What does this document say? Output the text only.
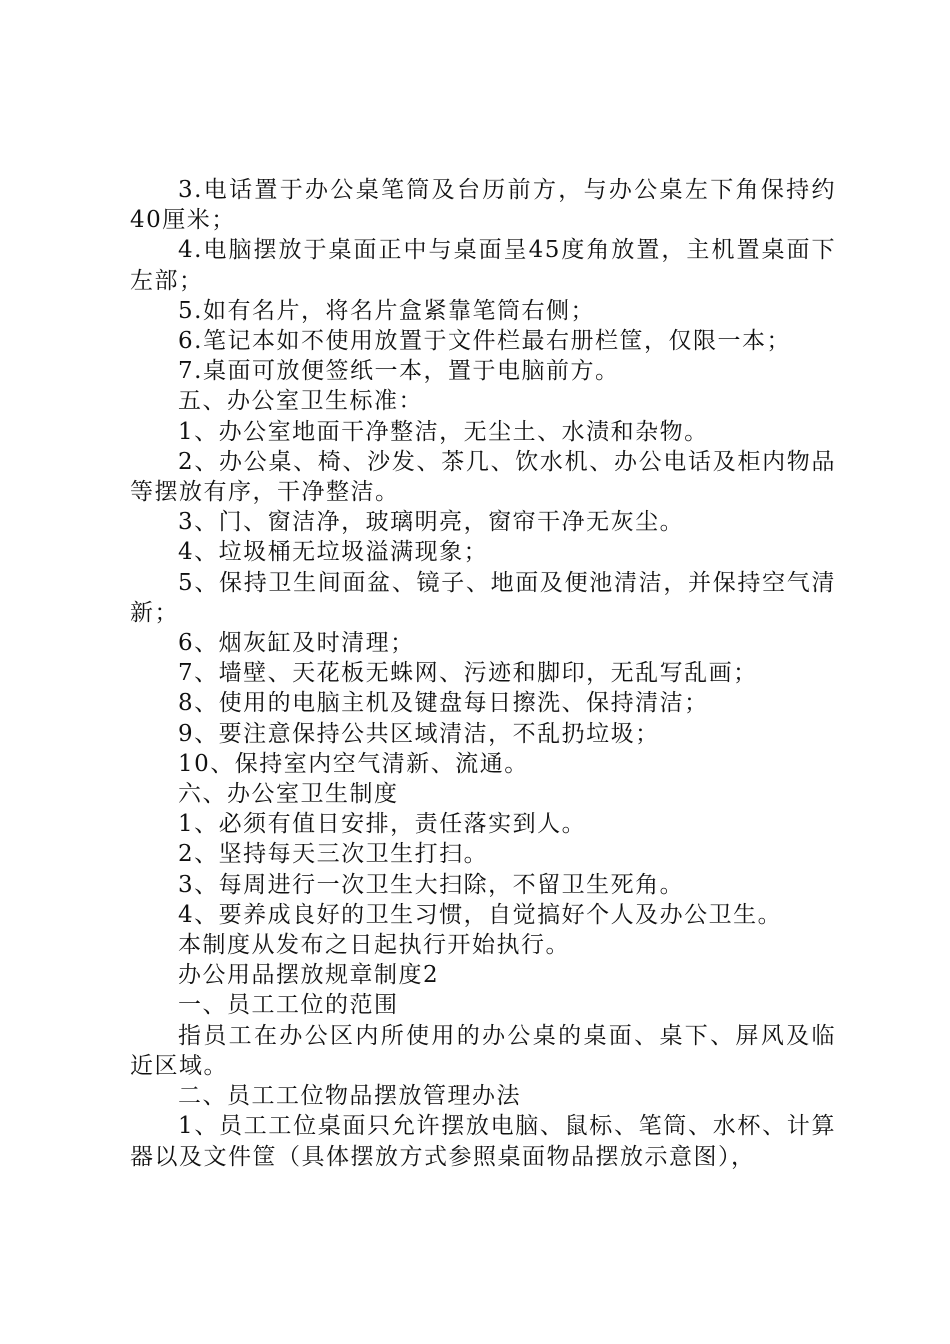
3.电话置于办公桌笔筒及台历前方，与办公桌左下角保持约40厘米；

4.电脑摆放于桌面正中与桌面呈45度角放置，主机置桌面下左部；

5.如有名片，将名片盒紧靠笔筒右侧；

6.笔记本如不使用放置于文件栏最右册栏筐，仅限一本；

7.桌面可放便签纸一本，置于电脑前方。

五、办公室卫生标准：

1、办公室地面干净整洁，无尘土、水渍和杂物。

2、办公桌、椅、沙发、茶几、饮水机、办公电话及柜内物品等摆放有序，干净整洁。

3、门、窗洁净，玻璃明亮，窗帘干净无灰尘。

4、垃圾桶无垃圾溢满现象；

5、保持卫生间面盆、镜子、地面及便池清洁，并保持空气清新；

6、烟灰缸及时清理；

7、墙壁、天花板无蛛网、污迹和脚印，无乱写乱画；

8、使用的电脑主机及键盘每日擦洗、保持清洁；

9、要注意保持公共区域清洁，不乱扔垃圾；

10、保持室内空气清新、流通。

六、办公室卫生制度

1、必须有值日安排，责任落实到人。

2、坚持每天三次卫生打扫。

3、每周进行一次卫生大扫除，不留卫生死角。

4、要养成良好的卫生习惯，自觉搞好个人及办公卫生。

本制度从发布之日起执行开始执行。

办公用品摆放规章制度2

一、员工工位的范围

指员工在办公区内所使用的办公桌的桌面、桌下、屏风及临近区域。

二、员工工位物品摆放管理办法

1、员工工位桌面只允许摆放电脑、鼠标、笔筒、水杯、计算器以及文件筐（具体摆放方式参照桌面物品摆放示意图），
